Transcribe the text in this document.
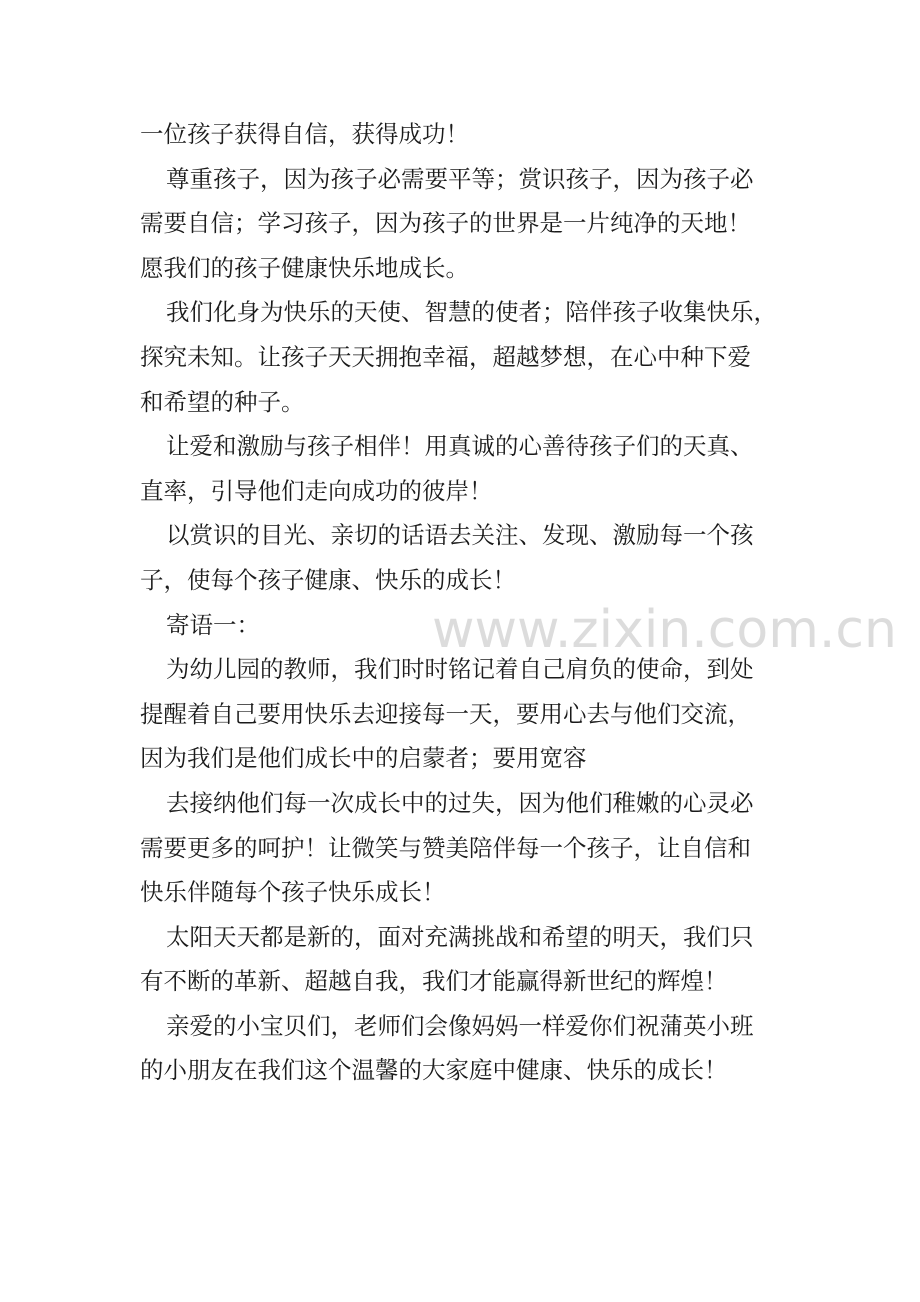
一位孩子获得自信，获得成功！
尊重孩子，因为孩子必需要平等；赏识孩子，因为孩子必
需要自信；学习孩子，因为孩子的世界是一片纯净的天地！
愿我们的孩子健康快乐地成长。
我们化身为快乐的天使、智慧的使者；陪伴孩子收集快乐，
探究未知。让孩子天天拥抱幸福，超越梦想，在心中种下爱
和希望的种子。
让爱和激励与孩子相伴！用真诚的心善待孩子们的天真、
直率，引导他们走向成功的彼岸！
以赏识的目光、亲切的话语去关注、发现、激励每一个孩
子，使每个孩子健康、快乐的成长！
寄语一：
为幼儿园的教师，我们时时铭记着自己肩负的使命，到处
提醒着自己要用快乐去迎接每一天，要用心去与他们交流，
因为我们是他们成长中的启蒙者；要用宽容
去接纳他们每一次成长中的过失，因为他们稚嫩的心灵必
需要更多的呵护！让微笑与赞美陪伴每一个孩子，让自信和
快乐伴随每个孩子快乐成长！
太阳天天都是新的，面对充满挑战和希望的明天，我们只
有不断的革新、超越自我，我们才能赢得新世纪的辉煌！
亲爱的小宝贝们，老师们会像妈妈一样爱你们祝蒲英小班
的小朋友在我们这个温馨的大家庭中健康、快乐的成长！
www.zixin.com.cn
